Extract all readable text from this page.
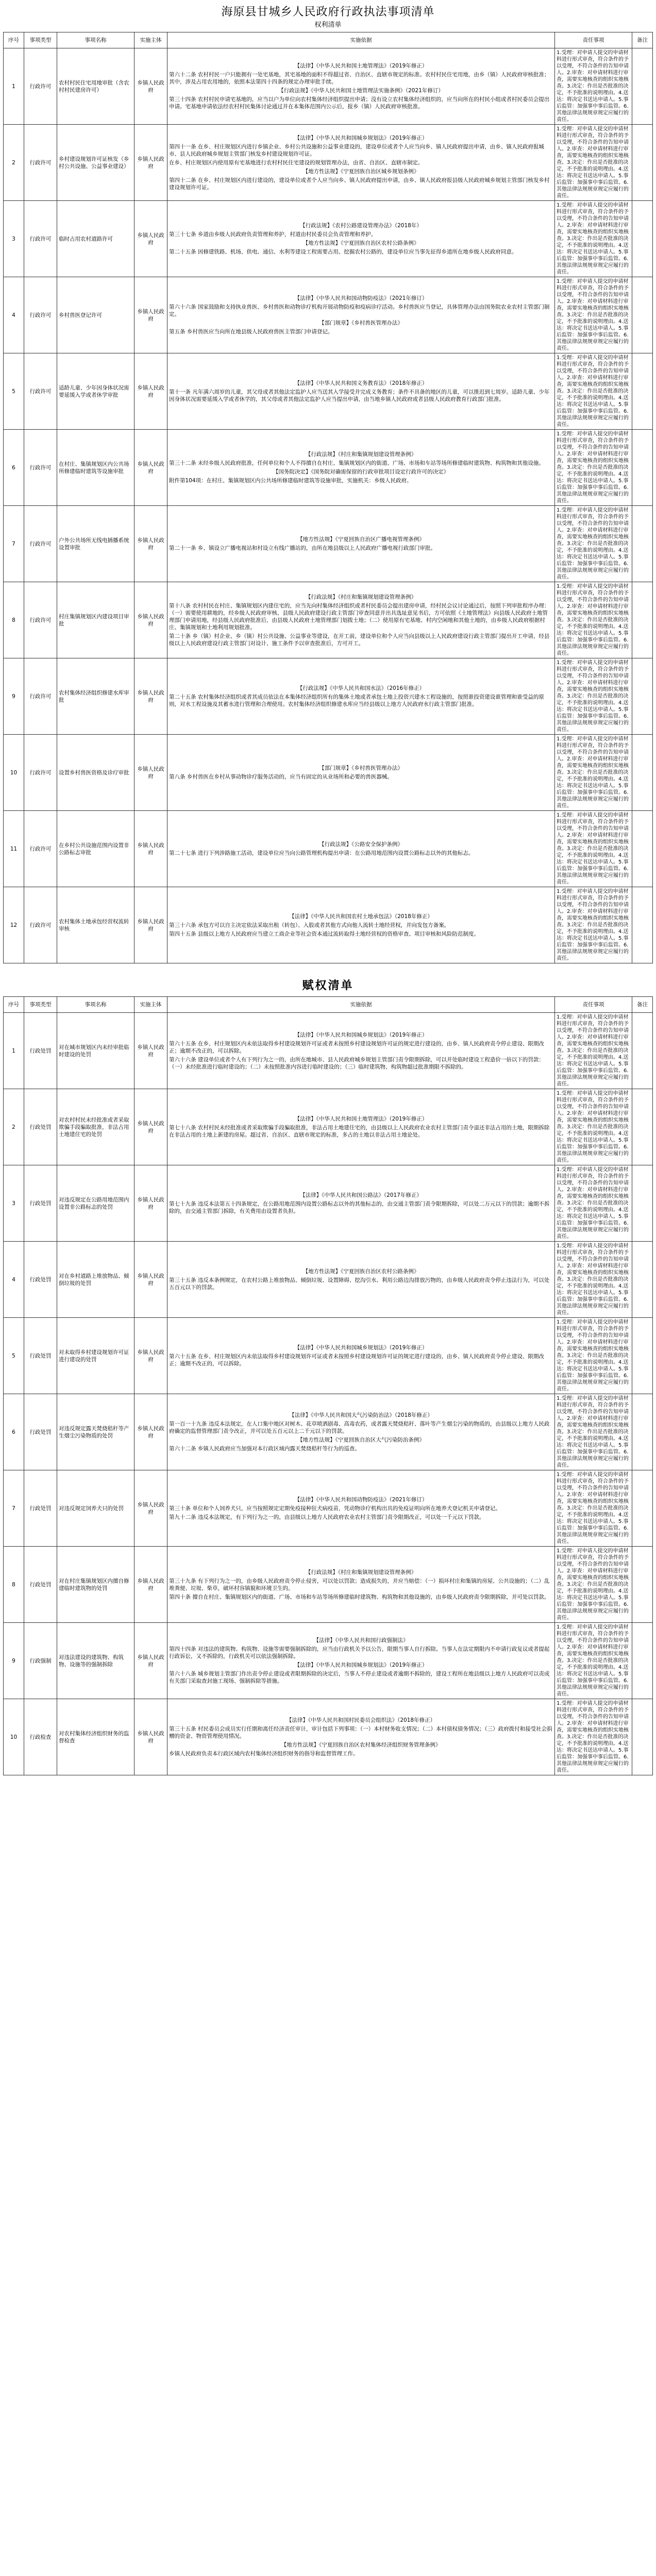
海原县甘城乡人民政府行政执法事项清单
权利清单
序号	事项类型	事项名称	实施主体	实施依据	责任事项	备注
1	行政许可	农村村民住宅用地审批（含农村村民建房许可）	乡镇人民政府	【法律】《中华人民共和国土地管理法》（2019年修正）

第六十二条 农村村民一户只能拥有一处宅基地，其宅基地的面积不得超过省、自治区、直辖市规定的标准。农村村民住宅用地，由乡（镇）人民政府审核批准；其中，涉及占用农用地的，依照本法第四十四条的规定办理审批手续。

【行政法规】《中华人民共和国土地管理法实施条例》（2021年修订）

第三十四条 农村村民申请宅基地的，应当以户为单位向农村集体经济组织提出申请；没有设立农村集体经济组织的，应当向所在的村民小组或者村民委员会提出申请。宅基地申请依法经农村村民集体讨论通过并在本集体范围内公示后，报乡（镇）人民政府审核批准。	1.受理：对申请人提交的申请材料进行形式审查，符合条件的予以受理，不符合条件的告知申请人。2.审查：对申请材料进行审查，需要实地核查的组织实地核查。3.决定：作出是否批准的决定，不予批准的说明理由。4.送达：将决定书送达申请人。5.事后监管：加强事中事后监管。6.其他法律法规规章规定应履行的责任。	
2	行政许可	乡村建设规划许可证核发（乡村公共设施、公益事业建设）	乡镇人民政府	【法律】《中华人民共和国城乡规划法》（2019年修正）

第四十一条 在乡、村庄规划区内进行乡镇企业、乡村公共设施和公益事业建设的，建设单位或者个人应当向乡、镇人民政府提出申请，由乡、镇人民政府报城市、县人民政府城乡规划主管部门核发乡村建设规划许可证。

在乡、村庄规划区内使用原有宅基地进行农村村民住宅建设的规划管理办法，由省、自治区、直辖市制定。

【地方性法规】《宁夏回族自治区城乡规划条例》

第四十二条 在乡、村庄规划区内进行建设的，建设单位或者个人应当向乡、镇人民政府提出申请，由乡、镇人民政府报县级人民政府城乡规划主管部门核发乡村建设规划许可证。	1.受理：对申请人提交的申请材料进行形式审查，符合条件的予以受理，不符合条件的告知申请人。2.审查：对申请材料进行审查，需要实地核查的组织实地核查。3.决定：作出是否批准的决定，不予批准的说明理由。4.送达：将决定书送达申请人。5.事后监管：加强事中事后监管。6.其他法律法规规章规定应履行的责任。	
3	行政许可	临时占用农村道路许可	乡镇人民政府	【行政法规】《农村公路建设管理办法》（2018年）

第三十七条 乡道由乡级人民政府负责管理和养护，村道由村民委员会负责管理和养护。

【地方性法规】《宁夏回族自治区农村公路条例》

第二十五条 因修建铁路、机场、供电、通信、水利等建设工程需要占用、挖掘农村公路的，建设单位应当事先征得乡道所在地乡级人民政府同意。	1.受理：对申请人提交的申请材料进行形式审查，符合条件的予以受理，不符合条件的告知申请人。2.审查：对申请材料进行审查，需要实地核查的组织实地核查。3.决定：作出是否批准的决定，不予批准的说明理由。4.送达：将决定书送达申请人。5.事后监管：加强事中事后监管。6.其他法律法规规章规定应履行的责任。	
4	行政许可	乡村兽医登记许可	乡镇人民政府	【法律】《中华人民共和国动物防疫法》（2021年修订）

第六十六条 国家鼓励和支持执业兽医、乡村兽医和动物诊疗机构开展动物防疫和疫病诊疗活动。乡村兽医应当登记，具体管理办法由国务院农业农村主管部门制定。

【部门规章】《乡村兽医管理办法》

第五条 乡村兽医应当向所在地县级人民政府兽医主管部门申请登记。	1.受理：对申请人提交的申请材料进行形式审查，符合条件的予以受理，不符合条件的告知申请人。2.审查：对申请材料进行审查，需要实地核查的组织实地核查。3.决定：作出是否批准的决定，不予批准的说明理由。4.送达：将决定书送达申请人。5.事后监管：加强事中事后监管。6.其他法律法规规章规定应履行的责任。	
5	行政许可	适龄儿童、少年因身体状况需要延缓入学或者休学审批	乡镇人民政府	【法律】《中华人民共和国义务教育法》（2018年修正）

第十一条 凡年满六周岁的儿童，其父母或者其他法定监护人应当送其入学接受并完成义务教育；条件不具备的地区的儿童，可以推迟到七周岁。适龄儿童、少年因身体状况需要延缓入学或者休学的，其父母或者其他法定监护人应当提出申请，由当地乡镇人民政府或者县级人民政府教育行政部门批准。	1.受理：对申请人提交的申请材料进行形式审查，符合条件的予以受理，不符合条件的告知申请人。2.审查：对申请材料进行审查，需要实地核查的组织实地核查。3.决定：作出是否批准的决定，不予批准的说明理由。4.送达：将决定书送达申请人。5.事后监管：加强事中事后监管。6.其他法律法规规章规定应履行的责任。	
6	行政许可	在村庄、集镇规划区内公共场所修建临时建筑等设施审批	乡镇人民政府	【行政法规】《村庄和集镇规划建设管理条例》

第三十二条 未经乡级人民政府批准，任何单位和个人不得擅自在村庄、集镇规划区内的街道、广场、市场和车站等场所修建临时建筑物、构筑物和其他设施。

【国务院决定】《国务院对确需保留的行政审批项目设定行政许可的决定》

附件第104项：在村庄、集镇规划区内公共场所修建临时建筑等设施审批，实施机关：乡级人民政府。	1.受理：对申请人提交的申请材料进行形式审查，符合条件的予以受理，不符合条件的告知申请人。2.审查：对申请材料进行审查，需要实地核查的组织实地核查。3.决定：作出是否批准的决定，不予批准的说明理由。4.送达：将决定书送达申请人。5.事后监管：加强事中事后监管。6.其他法律法规规章规定应履行的责任。	
7	行政许可	户外公共场所无线电插播系统设置审批	乡镇人民政府	【地方性法规】《宁夏回族自治区广播电视管理条例》

第二十一条 乡、镇设立广播电视站和村设立有线广播站的，由所在地县级以上人民政府广播电视行政部门审批。	1.受理：对申请人提交的申请材料进行形式审查，符合条件的予以受理，不符合条件的告知申请人。2.审查：对申请材料进行审查，需要实地核查的组织实地核查。3.决定：作出是否批准的决定，不予批准的说明理由。4.送达：将决定书送达申请人。5.事后监管：加强事中事后监管。6.其他法律法规规章规定应履行的责任。	
8	行政许可	村庄集镇规划区内建设项目审批	乡镇人民政府	【行政法规】《村庄和集镇规划建设管理条例》

第十八条 农村村民在村庄、集镇规划区内建住宅的，应当先向村集体经济组织或者村民委员会提出建房申请，经村民会议讨论通过后，按照下列审批程序办理：（一）需要使用耕地的，经乡级人民政府审核、县级人民政府建设行政主管部门审查同意并出具选址意见书后，方可依照《土地管理法》向县级人民政府土地管理部门申请用地，经县级人民政府批准后，由县级人民政府土地管理部门划拨土地；（二）使用原有宅基地、村内空闲地和其他土地的，由乡级人民政府根据村庄、集镇规划和土地利用规划批准。

第二十条 乡（镇）村企业、乡（镇）村公共设施、公益事业等建设，在开工前，建设单位和个人应当向县级以上人民政府建设行政主管部门提出开工申请，经县级以上人民政府建设行政主管部门对设计、施工条件予以审查批准后，方可开工。	1.受理：对申请人提交的申请材料进行形式审查，符合条件的予以受理，不符合条件的告知申请人。2.审查：对申请材料进行审查，需要实地核查的组织实地核查。3.决定：作出是否批准的决定，不予批准的说明理由。4.送达：将决定书送达申请人。5.事后监管：加强事中事后监管。6.其他法律法规规章规定应履行的责任。	
9	行政许可	农村集体经济组织修建水库审批	乡镇人民政府	【行政法规】《中华人民共和国水法》（2016年修正）

第二十五条 农村集体经济组织或者其成员依法在本集体经济组织所有的集体土地或者承包土地上投资兴建水工程设施的，按照谁投资建设谁管理和谁受益的原则，对水工程设施及其蓄水进行管理和合理使用。农村集体经济组织修建水库应当经县级以上地方人民政府水行政主管部门批准。	1.受理：对申请人提交的申请材料进行形式审查，符合条件的予以受理，不符合条件的告知申请人。2.审查：对申请材料进行审查，需要实地核查的组织实地核查。3.决定：作出是否批准的决定，不予批准的说明理由。4.送达：将决定书送达申请人。5.事后监管：加强事中事后监管。6.其他法律法规规章规定应履行的责任。	
10	行政许可	设置乡村兽医资格及诊疗审批	乡镇人民政府	【部门规章】《乡村兽医管理办法》

第八条 乡村兽医在乡村从事动物诊疗服务活动的，应当有固定的从业场所和必要的兽医器械。	1.受理：对申请人提交的申请材料进行形式审查，符合条件的予以受理，不符合条件的告知申请人。2.审查：对申请材料进行审查，需要实地核查的组织实地核查。3.决定：作出是否批准的决定，不予批准的说明理由。4.送达：将决定书送达申请人。5.事后监管：加强事中事后监管。6.其他法律法规规章规定应履行的责任。	
11	行政许可	在乡村公共设施范围内设置非公路标志审批	乡镇人民政府	【行政法规】《公路安全保护条例》

第二十七条 进行下列涉路施工活动，建设单位应当向公路管理机构提出申请：在公路用地范围内设置公路标志以外的其他标志。	1.受理：对申请人提交的申请材料进行形式审查，符合条件的予以受理，不符合条件的告知申请人。2.审查：对申请材料进行审查，需要实地核查的组织实地核查。3.决定：作出是否批准的决定，不予批准的说明理由。4.送达：将决定书送达申请人。5.事后监管：加强事中事后监管。6.其他法律法规规章规定应履行的责任。	
12	行政许可	农村集体土地承包经营权流转审核	乡镇人民政府	【法律】《中华人民共和国农村土地承包法》（2018年修正）

第三十六条 承包方可以自主决定依法采取出租（转包）、入股或者其他方式向他人流转土地经营权，并向发包方备案。

第四十五条 县级以上地方人民政府应当建立工商企业等社会资本通过流转取得土地经营权的资格审查、项目审核和风险防范制度。	1.受理：对申请人提交的申请材料进行形式审查，符合条件的予以受理，不符合条件的告知申请人。2.审查：对申请材料进行审查，需要实地核查的组织实地核查。3.决定：作出是否批准的决定，不予批准的说明理由。4.送达：将决定书送达申请人。5.事后监管：加强事中事后监管。6.其他法律法规规章规定应履行的责任。	
赋权清单
序号	事项类型	事项名称	实施主体	实施依据	责任事项	备注
1	行政处罚	对在城市规划区内未经审批临时建设的处罚	乡镇人民政府	【法律】《中华人民共和国城乡规划法》（2019年修正）

第六十五条 在乡、村庄规划区内未依法取得乡村建设规划许可证或者未按照乡村建设规划许可证的规定进行建设的，由乡、镇人民政府责令停止建设、限期改正；逾期不改正的，可以拆除。

第六十六条 建设单位或者个人有下列行为之一的，由所在地城市、县人民政府城乡规划主管部门责令限期拆除，可以并处临时建设工程造价一倍以下的罚款：（一）未经批准进行临时建设的；（二）未按照批准内容进行临时建设的；（三）临时建筑物、构筑物超过批准期限不拆除的。	1.受理：对申请人提交的申请材料进行形式审查，符合条件的予以受理，不符合条件的告知申请人。2.审查：对申请材料进行审查，需要实地核查的组织实地核查。3.决定：作出是否批准的决定，不予批准的说明理由。4.送达：将决定书送达申请人。5.事后监管：加强事中事后监管。6.其他法律法规规章规定应履行的责任。	
2	行政处罚	对农村村民未经批准或者采取欺骗手段骗取批准，非法占用土地建住宅的处罚	乡镇人民政府	【法律】《中华人民共和国土地管理法》（2019年修正）

第七十八条 农村村民未经批准或者采取欺骗手段骗取批准，非法占用土地建住宅的，由县级以上人民政府农业农村主管部门责令退还非法占用的土地，限期拆除在非法占用的土地上新建的房屋。超过省、自治区、直辖市规定的标准，多占的土地以非法占用土地论处。	1.受理：对申请人提交的申请材料进行形式审查，符合条件的予以受理，不符合条件的告知申请人。2.审查：对申请材料进行审查，需要实地核查的组织实地核查。3.决定：作出是否批准的决定，不予批准的说明理由。4.送达：将决定书送达申请人。5.事后监管：加强事中事后监管。6.其他法律法规规章规定应履行的责任。	
3	行政处罚	对违反规定在公路用地范围内设置非公路标志的处罚	乡镇人民政府	【法律】《中华人民共和国公路法》（2017年修正）

第七十九条 违反本法第五十四条规定，在公路用地范围内设置公路标志以外的其他标志的，由交通主管部门责令限期拆除，可以处二万元以下的罚款；逾期不拆除的，由交通主管部门拆除，有关费用由设置者负担。	1.受理：对申请人提交的申请材料进行形式审查，符合条件的予以受理，不符合条件的告知申请人。2.审查：对申请材料进行审查，需要实地核查的组织实地核查。3.决定：作出是否批准的决定，不予批准的说明理由。4.送达：将决定书送达申请人。5.事后监管：加强事中事后监管。6.其他法律法规规章规定应履行的责任。	
4	行政处罚	对在乡村道路上堆放物品、倾倒垃圾的处罚	乡镇人民政府	【地方性法规】《宁夏回族自治区农村公路条例》

第三十五条 违反本条例规定，在农村公路上堆放物品、倾倒垃圾、设置障碍、挖沟引水、利用公路边沟排放污物的，由乡级人民政府责令停止违法行为，可以处五百元以下的罚款。	1.受理：对申请人提交的申请材料进行形式审查，符合条件的予以受理，不符合条件的告知申请人。2.审查：对申请材料进行审查，需要实地核查的组织实地核查。3.决定：作出是否批准的决定，不予批准的说明理由。4.送达：将决定书送达申请人。5.事后监管：加强事中事后监管。6.其他法律法规规章规定应履行的责任。	
5	行政处罚	对未取得乡村建设规划许可证进行建设的处罚	乡镇人民政府	【法律】《中华人民共和国城乡规划法》（2019年修正）

第六十五条 在乡、村庄规划区内未依法取得乡村建设规划许可证或者未按照乡村建设规划许可证的规定进行建设的，由乡、镇人民政府责令停止建设、限期改正；逾期不改正的，可以拆除。	1.受理：对申请人提交的申请材料进行形式审查，符合条件的予以受理，不符合条件的告知申请人。2.审查：对申请材料进行审查，需要实地核查的组织实地核查。3.决定：作出是否批准的决定，不予批准的说明理由。4.送达：将决定书送达申请人。5.事后监管：加强事中事后监管。6.其他法律法规规章规定应履行的责任。	
6	行政处罚	对违反规定露天焚烧秸秆等产生烟尘污染物质的处罚	乡镇人民政府	【法律】《中华人民共和国大气污染防治法》（2018年修正）

第一百一十九条 违反本法规定，在人口集中地区对树木、花草喷洒剧毒、高毒农药，或者露天焚烧秸秆、落叶等产生烟尘污染的物质的，由县级以上地方人民政府确定的监督管理部门责令改正，并可以处五百元以上二千元以下的罚款。

【地方性法规】《宁夏回族自治区大气污染防治条例》

第六十二条 乡镇人民政府应当加强对本行政区域内露天焚烧秸秆等行为的巡查。	1.受理：对申请人提交的申请材料进行形式审查，符合条件的予以受理，不符合条件的告知申请人。2.审查：对申请材料进行审查，需要实地核查的组织实地核查。3.决定：作出是否批准的决定，不予批准的说明理由。4.送达：将决定书送达申请人。5.事后监管：加强事中事后监管。6.其他法律法规规章规定应履行的责任。	
7	行政处罚	对违反规定饲养犬只的处罚	乡镇人民政府	【法律】《中华人民共和国动物防疫法》（2021年修订）

第三十条 单位和个人饲养犬只，应当按照规定定期免疫接种狂犬病疫苗，凭动物诊疗机构出具的免疫证明向所在地养犬登记机关申请登记。

第九十二条 违反本法规定，有下列行为之一的，由县级以上地方人民政府农业农村主管部门责令限期改正，可以处一千元以下罚款。	1.受理：对申请人提交的申请材料进行形式审查，符合条件的予以受理，不符合条件的告知申请人。2.审查：对申请材料进行审查，需要实地核查的组织实地核查。3.决定：作出是否批准的决定，不予批准的说明理由。4.送达：将决定书送达申请人。5.事后监管：加强事中事后监管。6.其他法律法规规章规定应履行的责任。	
8	行政处罚	对在村庄集镇规划区内擅自修建临时建筑物的处罚	乡镇人民政府	【行政法规】《村庄和集镇规划建设管理条例》

第三十九条 有下列行为之一的，由乡级人民政府责令停止侵害，可以处以罚款；造成损失的，并应当赔偿：（一）损坏村庄和集镇的房屋、公共设施的；（二）乱堆粪便、垃圾、柴草，破坏村容镇貌和环境卫生的。

第四十条 擅自在村庄、集镇规划区内的街道、广场、市场和车站等场所修建临时建筑物、构筑物和其他设施的，由乡级人民政府责令限期拆除，并可处以罚款。	1.受理：对申请人提交的申请材料进行形式审查，符合条件的予以受理，不符合条件的告知申请人。2.审查：对申请材料进行审查，需要实地核查的组织实地核查。3.决定：作出是否批准的决定，不予批准的说明理由。4.送达：将决定书送达申请人。5.事后监管：加强事中事后监管。6.其他法律法规规章规定应履行的责任。	
9	行政强制	对违法建设的建筑物、构筑物、设施等的强制拆除	乡镇人民政府	【法律】《中华人民共和国行政强制法》

第四十四条 对违法的建筑物、构筑物、设施等需要强制拆除的，应当由行政机关予以公告，限期当事人自行拆除。当事人在法定期限内不申请行政复议或者提起行政诉讼，又不拆除的，行政机关可以依法强制拆除。

【法律】《中华人民共和国城乡规划法》（2019年修正）

第六十八条 城乡规划主管部门作出责令停止建设或者限期拆除的决定后，当事人不停止建设或者逾期不拆除的，建设工程所在地县级以上地方人民政府可以责成有关部门采取查封施工现场、强制拆除等措施。	1.受理：对申请人提交的申请材料进行形式审查，符合条件的予以受理，不符合条件的告知申请人。2.审查：对申请材料进行审查，需要实地核查的组织实地核查。3.决定：作出是否批准的决定，不予批准的说明理由。4.送达：将决定书送达申请人。5.事后监管：加强事中事后监管。6.其他法律法规规章规定应履行的责任。	
10	行政检查	对农村集体经济组织财务的监督检查	乡镇人民政府	【法律】《中华人民共和国村民委员会组织法》（2018年修正）

第三十五条 村民委员会成员实行任期和离任经济责任审计，审计包括下列事项：（一）本村财务收支情况；（二）本村债权债务情况；（三）政府拨付和接受社会捐赠的资金、物资管理使用情况。

【地方性法规】《宁夏回族自治区农村集体经济组织财务管理条例》

乡镇人民政府负责本行政区域内农村集体经济组织财务的指导和监督管理工作。	1.受理：对申请人提交的申请材料进行形式审查，符合条件的予以受理，不符合条件的告知申请人。2.审查：对申请材料进行审查，需要实地核查的组织实地核查。3.决定：作出是否批准的决定，不予批准的说明理由。4.送达：将决定书送达申请人。5.事后监管：加强事中事后监管。6.其他法律法规规章规定应履行的责任。	
